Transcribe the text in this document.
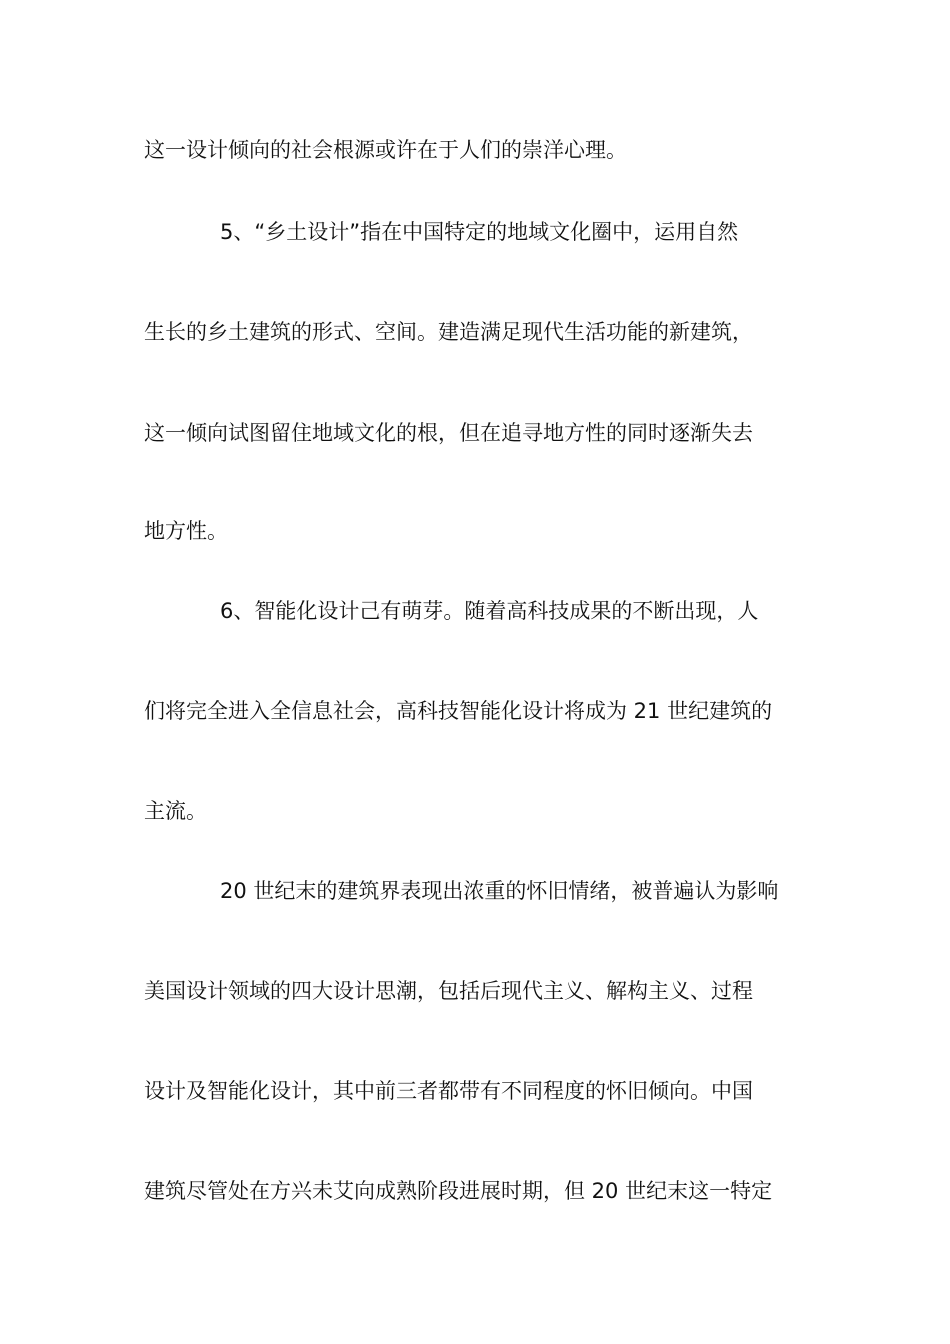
这一设计倾向的社会根源或许在于人们的崇洋心理。
5、“乡土设计”指在中国特定的地域文化圈中，运用自然
生长的乡土建筑的形式、空间。建造满足现代生活功能的新建筑，
这一倾向试图留住地域文化的根，但在追寻地方性的同时逐渐失去
地方性。
6、智能化设计己有萌芽。随着高科技成果的不断出现，人
们将完全进入全信息社会，高科技智能化设计将成为 21 世纪建筑的
主流。
20 世纪末的建筑界表现出浓重的怀旧情绪，被普遍认为影响
美国设计领域的四大设计思潮，包括后现代主义、解构主义、过程
设计及智能化设计，其中前三者都带有不同程度的怀旧倾向。中国
建筑尽管处在方兴未艾向成熟阶段进展时期，但 20 世纪末这一特定
